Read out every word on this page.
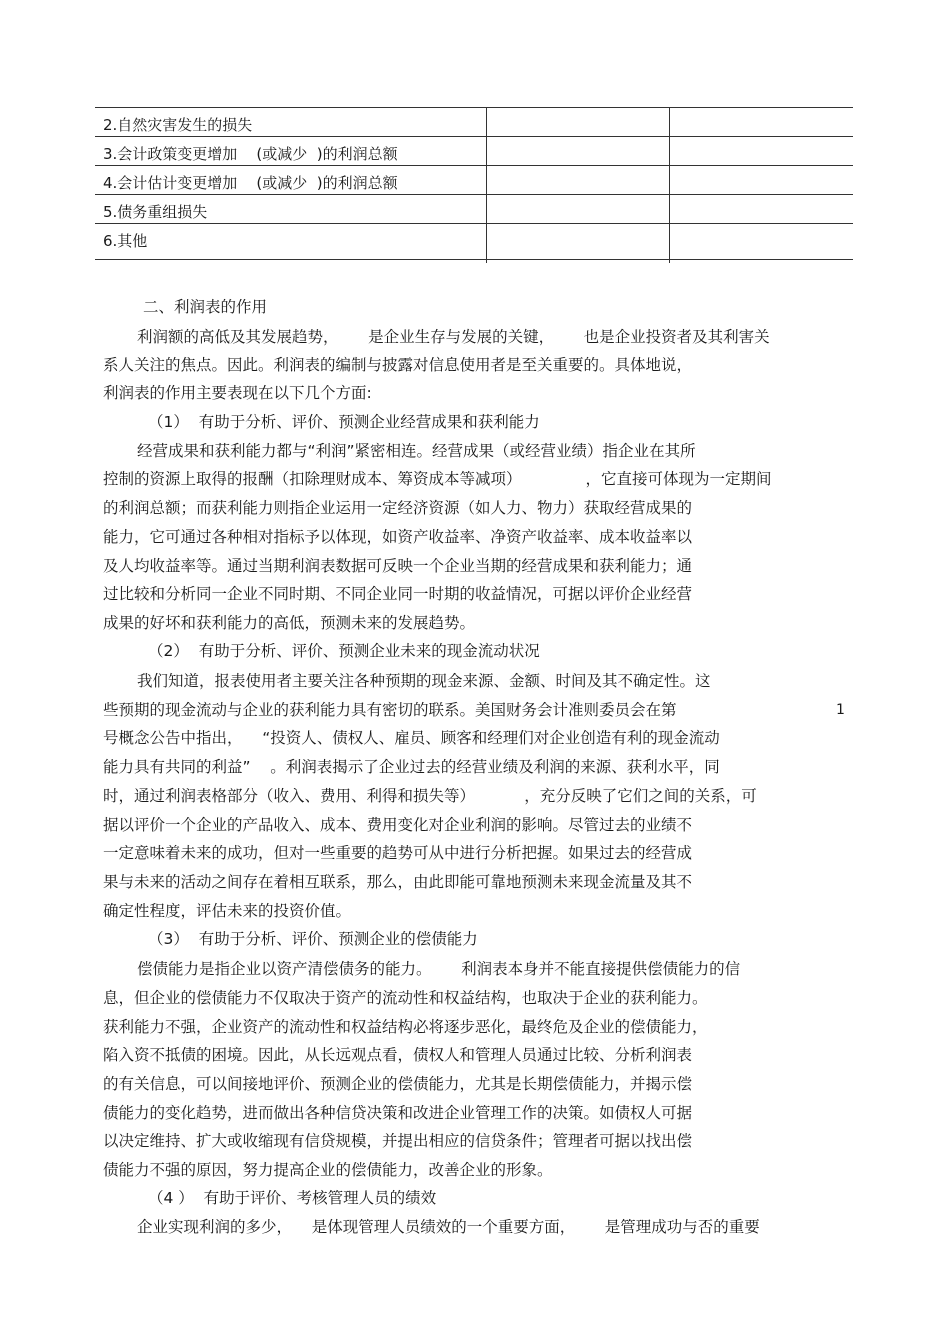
2.自然灾害发生的损失
3.会计政策变更增加    (或减少  )的利润总额
4.会计估计变更增加    (或减少  )的利润总额
5.债务重组损失
6.其他
二、利润表的作用
利润额的高低及其发展趋势，      是企业生存与发展的关键，      也是企业投资者及其利害关
系人关注的焦点。因此。利润表的编制与披露对信息使用者是至关重要的。具体地说，
利润表的作用主要表现在以下几个方面:
（1）  有助于分析、评价、预测企业经营成果和获利能力
经营成果和获利能力都与“利润”紧密相连。经营成果（或经营业绩）指企业在其所
控制的资源上取得的报酬（扣除理财成本、筹资成本等减项）             ，它直接可体现为一定期间
的利润总额；而获利能力则指企业运用一定经济资源（如人力、物力）获取经营成果的
能力，它可通过各种相对指标予以体现，如资产收益率、净资产收益率、成本收益率以
及人均收益率等。通过当期利润表数据可反映一个企业当期的经营成果和获利能力；通
过比较和分析同一企业不同时期、不同企业同一时期的收益情况，可据以评价企业经营
成果的好坏和获利能力的高低，预测未来的发展趋势。
（2）  有助于分析、评价、预测企业未来的现金流动状况
我们知道，报表使用者主要关注各种预期的现金来源、金额、时间及其不确定性。这
些预期的现金流动与企业的获利能力具有密切的联系。美国财务会计准则委员会在第
号概念公告中指出，    “投资人、债权人、雇员、顾客和经理们对企业创造有利的现金流动
能力具有共同的利益”    。利润表揭示了企业过去的经营业绩及利润的来源、获利水平，同
时，通过利润表格部分（收入、费用、利得和损失等）          ，充分反映了它们之间的关系，可
据以评价一个企业的产品收入、成本、费用变化对企业利润的影响。尽管过去的业绩不
一定意味着未来的成功，但对一些重要的趋势可从中进行分析把握。如果过去的经营成
果与未来的活动之间存在着相互联系，那么，由此即能可靠地预测未来现金流量及其不
确定性程度，评估未来的投资价值。
（3）  有助于分析、评价、预测企业的偿债能力
偿债能力是指企业以资产清偿债务的能力。      利润表本身并不能直接提供偿债能力的信
息，但企业的偿债能力不仅取决于资产的流动性和权益结构，也取决于企业的获利能力。
获利能力不强，企业资产的流动性和权益结构必将逐步恶化，最终危及企业的偿债能力，
陷入资不抵债的困境。因此，从长远观点看，债权人和管理人员通过比较、分析利润表
的有关信息，可以间接地评价、预测企业的偿债能力，尤其是长期偿债能力，并揭示偿
债能力的变化趋势，进而做出各种信贷决策和改进企业管理工作的决策。如债权人可据
以决定维持、扩大或收缩现有信贷规模，并提出相应的信贷条件；管理者可据以找出偿
债能力不强的原因，努力提高企业的偿债能力，改善企业的形象。
（4 ）  有助于评价、考核管理人员的绩效
企业实现利润的多少，    是体现管理人员绩效的一个重要方面，      是管理成功与否的重要
1
